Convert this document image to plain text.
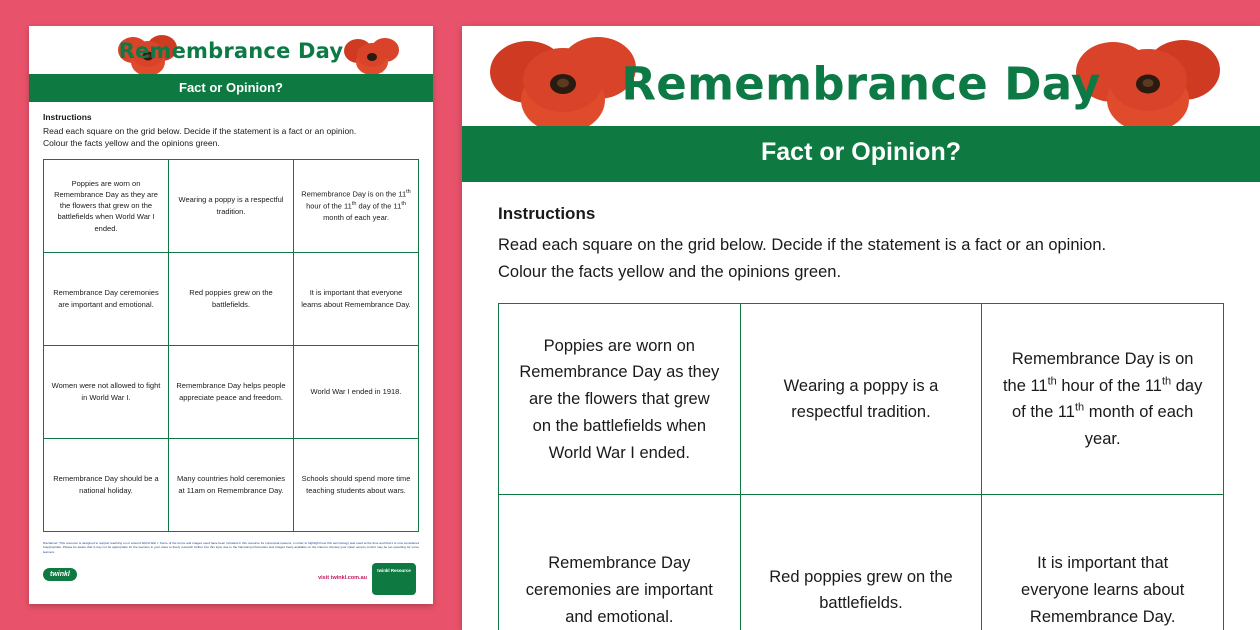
Remembrance Day
Fact or Opinion?
Instructions
Read each square on the grid below. Decide if the statement is a fact or an opinion.
Colour the facts yellow and the opinions green.
Poppies are worn on Remembrance Day as they are the flowers that grew on the battlefields when World War I ended.	Wearing a poppy is a respectful tradition.	Remembrance Day is on the 11th hour of the 11th day of the 11th month of each year.
Remembrance Day ceremonies are important and emotional.	Red poppies grew on the battlefields.	It is important that everyone learns about Remembrance Day.
Women were not allowed to fight in World War I.	Remembrance Day helps people appreciate peace and freedom.	World War I ended in 1918.
Remembrance Day should be a national holiday.	Many countries hold ceremonies at 11am on Remembrance Day.	Schools should spend more time teaching students about wars.

Disclaimer: This resource is designed to support teaching on or around World War I. Some of the terms and images used have been included in this resource for contextual reasons, in order to highlight how this terminology was used at the time and that it is now considered inappropriate. Please be aware that it may not be appropriate for the learners in your class to freely research further into this topic due to the harrowing information and images freely available on the internet. Review your class’ access control may be too upsetting for some learners.

twinkl	visit twinkl.com.au
twinkl Resource
Remembrance Day
Fact or Opinion?
Instructions
Read each square on the grid below. Decide if the statement is a fact or an opinion.
Colour the facts yellow and the opinions green.
Poppies are worn on Remembrance Day as they are the flowers that grew on the battlefields when World War I ended.	Wearing a poppy is a respectful tradition.	Remembrance Day is on the 11th hour of the 11th day of the 11th month of each year.
Remembrance Day ceremonies are important and emotional.	Red poppies grew on the battlefields.	It is important that everyone learns about Remembrance Day.
